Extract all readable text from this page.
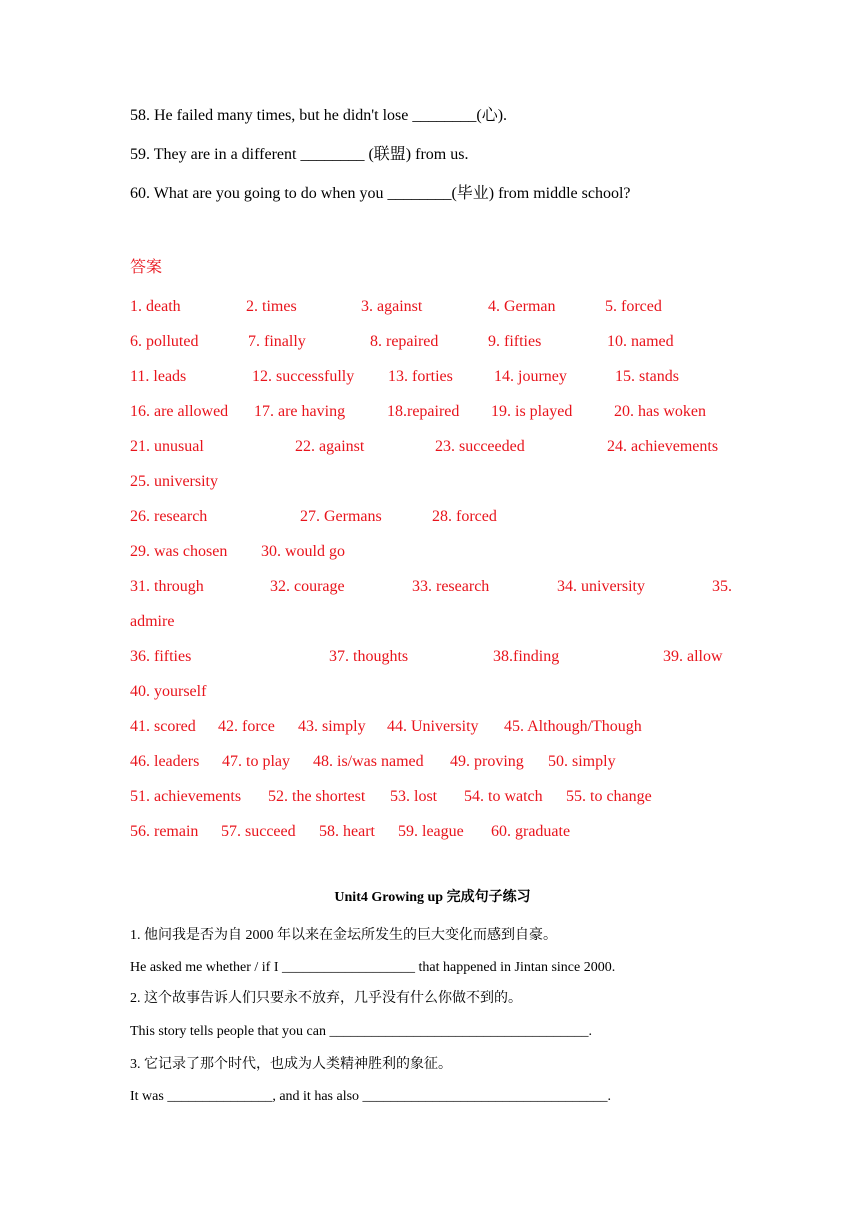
58. He failed many times, but he didn't lose ________(心).
59. They are in a different ________ (联盟) from us.
60. What are you going to do when you ________(毕业) from middle school?
答案
1. death	2. times	3. against	4. German	5. forced
6. polluted	7. finally	8. repaired	9. fifties	10. named
11. leads	12. successfully 13. forties	14. journey	15. stands
16. are allowed 17. are having	18.repaired 19. is played	20. has woken
21. unusual	22. against	23. succeeded	24. achievements
25. university
26. research	27. Germans	28. forced
29. was chosen 30. would go
31. through	32. courage	33. research	34. university	35.
admire
36. fifties	37. thoughts	38.finding	39. allow
40. yourself
41. scored 42. force 43. simply 44. University 45. Although/Though
46. leaders 47. to play 48. is/was named 49. proving 50. simply
51. achievements 52. the shortest 53. lost 54. to watch 55. to change
56. remain 57. succeed 58. heart 59. league 60. graduate
Unit4 Growing up 完成句子练习
1. 他问我是否为自 2000 年以来在金坛所发生的巨大变化而感到自豪。
He asked me whether / if I ___________________ that happened in Jintan since 2000.
2. 这个故事告诉人们只要永不放弃，几乎没有什么你做不到的。
This story tells people that you can _____________________________________.
3. 它记录了那个时代，也成为人类精神胜利的象征。
It was _______________, and it has also ___________________________________.
